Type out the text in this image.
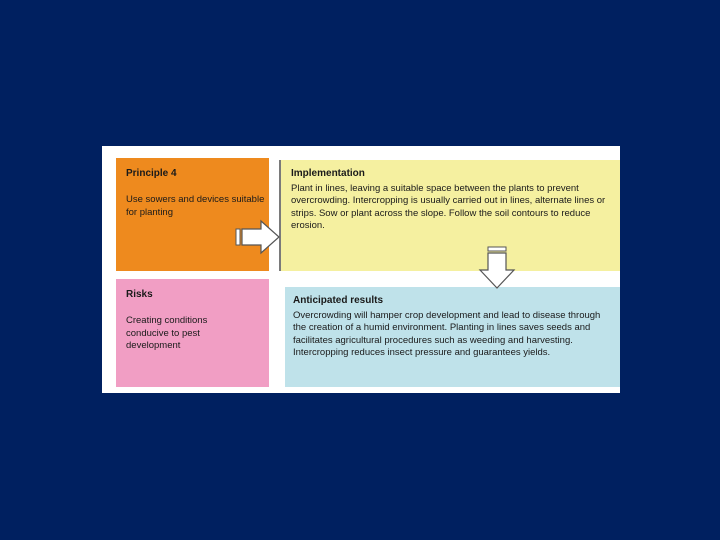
Principle 4
Use sowers and devices suitable for planting
Implementation
Plant in lines, leaving a suitable space between the plants to prevent overcrowding. Intercropping is usually carried out in lines, alternate lines or strips. Sow or plant across the slope. Follow the soil contours to reduce erosion.
Risks
Creating conditions conducive to pest development
Anticipated results
Overcrowding will hamper crop development and lead to disease through the creation of a humid environment. Planting in lines saves seeds and facilitates agricultural procedures such as weeding and harvesting. Intercropping reduces insect pressure and guarantees yields.
